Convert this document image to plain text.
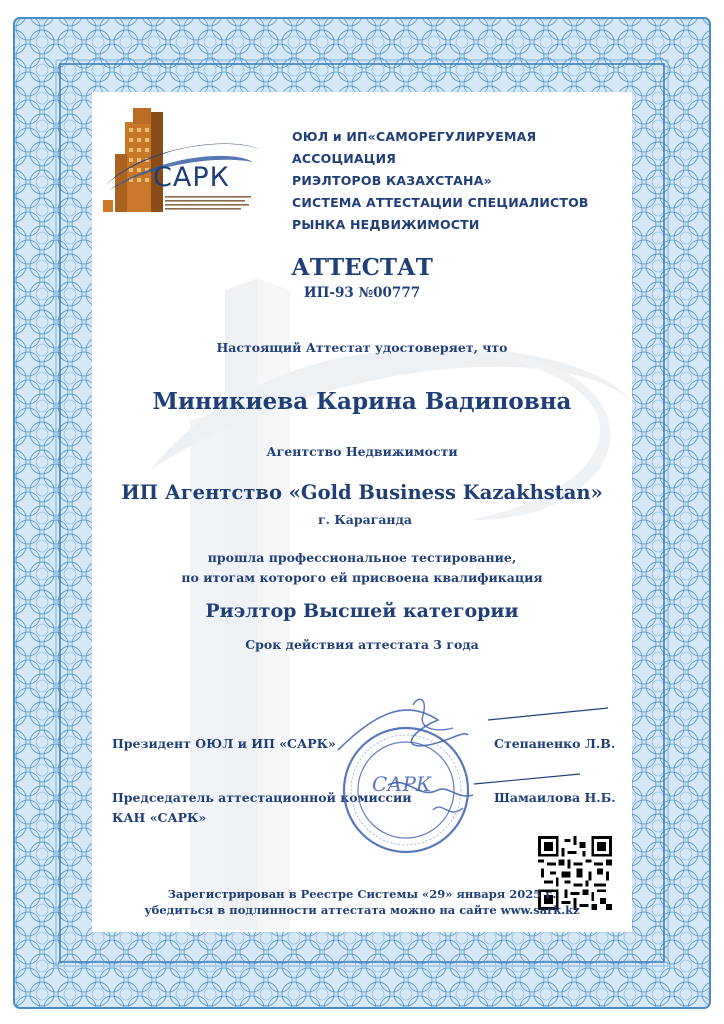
САРК
ОЮЛ и ИП«САМОРЕГУЛИРУЕМАЯ АССОЦИАЦИЯ
РИЭЛТОРОВ КАЗАХСТАНА»
СИСТЕМА АТТЕСТАЦИИ СПЕЦИАЛИСТОВ
РЫНКА НЕДВИЖИМОСТИ
АТТЕСТАТ
ИП-93 №00777
Настоящий Аттестат удостоверяет, что
Миникиева Карина Вадиповна
Агентство Недвижимости
ИП Агентство «Gold Business Kazakhstan»
г. Караганда
прошла профессиональное тестирование,
по итогам которого ей присвоена квалификация
Риэлтор Высшей категории
Срок действия аттестата 3 года
Президент ОЮЛ и ИП «САРК»	Степаненко Л.В.
Председатель аттестационной комиссии
КАН «САРК»
Шамаилова Н.Б.
САРК
Зарегистрирован в Реестре Системы «29» января 2025 г.
убедиться в подлинности аттестата можно на сайте www.sark.kz
